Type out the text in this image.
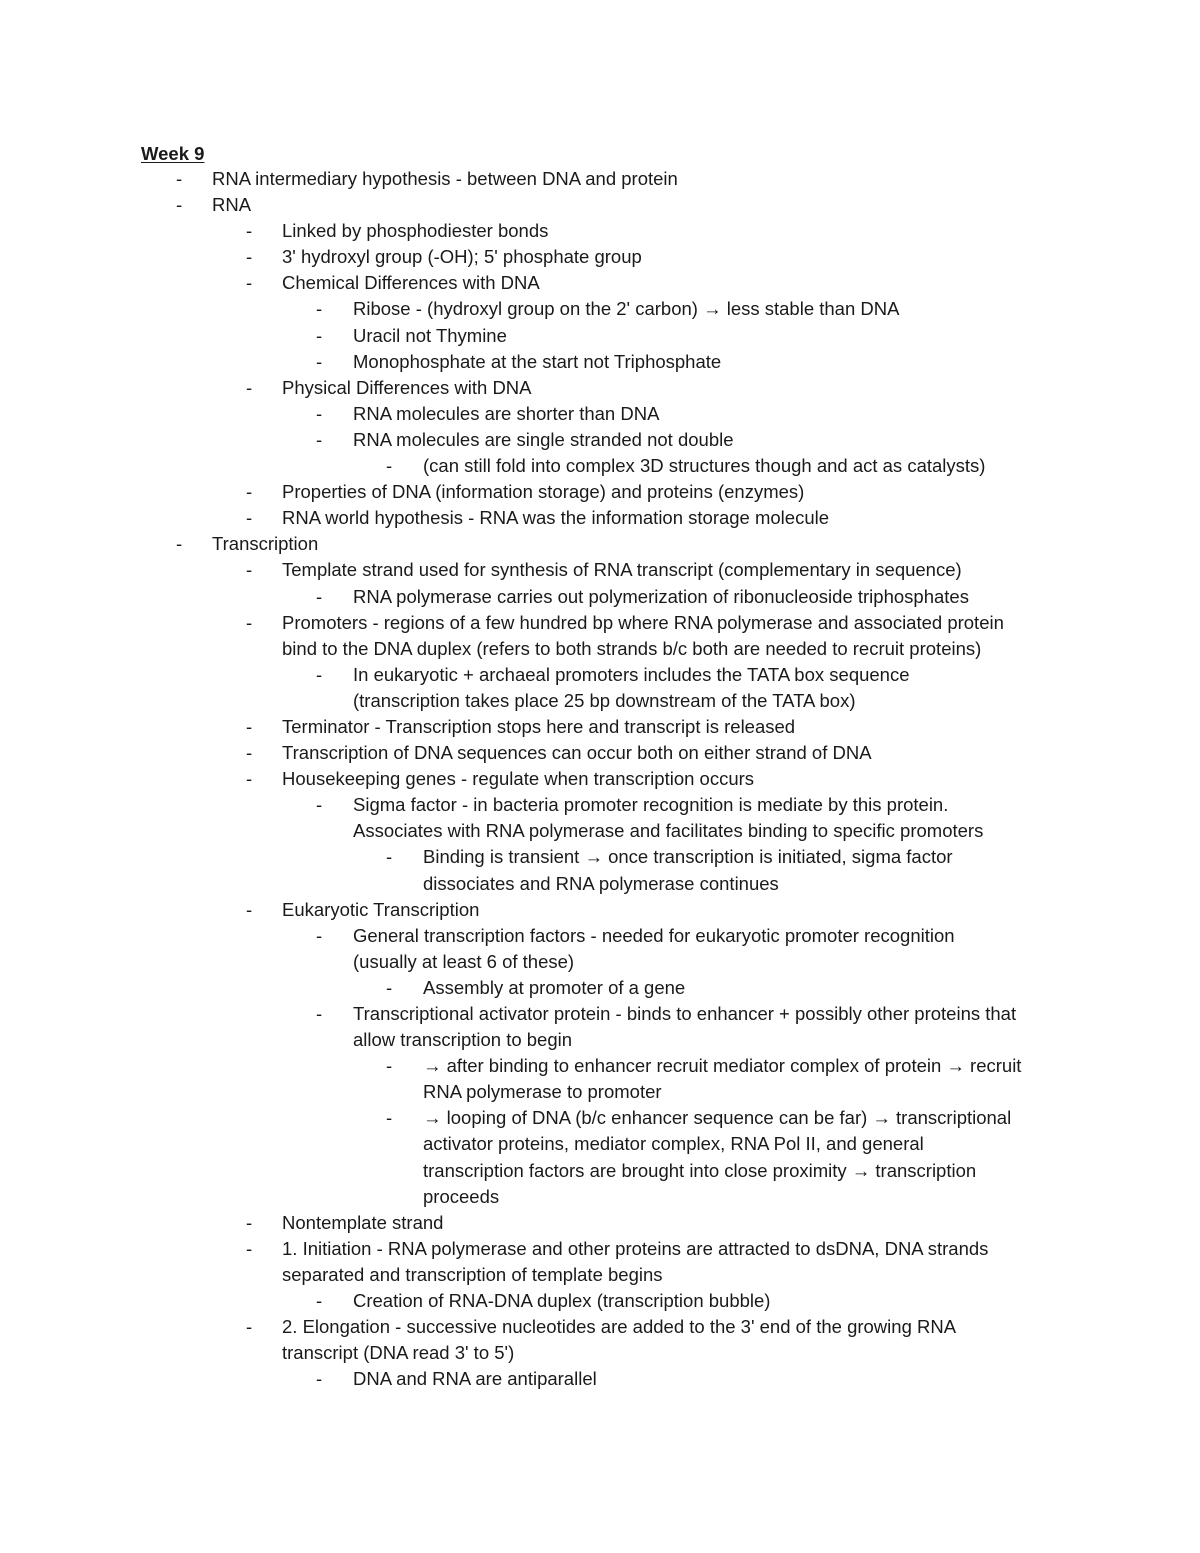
Week 9
- RNA intermediary hypothesis - between DNA and protein
- RNA
- Linked by phosphodiester bonds
- 3' hydroxyl group (-OH); 5' phosphate group
- Chemical Differences with DNA
- Ribose - (hydroxyl group on the 2' carbon) → less stable than DNA
- Uracil not Thymine
- Monophosphate at the start not Triphosphate
- Physical Differences with DNA
- RNA molecules are shorter than DNA
- RNA molecules are single stranded not double
- (can still fold into complex 3D structures though and act as catalysts)
- Properties of DNA (information storage) and proteins (enzymes)
- RNA world hypothesis - RNA was the information storage molecule
- Transcription
- Template strand used for synthesis of RNA transcript (complementary in sequence)
- RNA polymerase carries out polymerization of ribonucleoside triphosphates
- Promoters - regions of a few hundred bp where RNA polymerase and associated protein
bind to the DNA duplex (refers to both strands b/c both are needed to recruit proteins)
- In eukaryotic + archaeal promoters includes the TATA box sequence
(transcription takes place 25 bp downstream of the TATA box)
- Terminator - Transcription stops here and transcript is released
- Transcription of DNA sequences can occur both on either strand of DNA
- Housekeeping genes - regulate when transcription occurs
- Sigma factor - in bacteria promoter recognition is mediate by this protein.
Associates with RNA polymerase and facilitates binding to specific promoters
- Binding is transient → once transcription is initiated, sigma factor
dissociates and RNA polymerase continues
- Eukaryotic Transcription
- General transcription factors - needed for eukaryotic promoter recognition
(usually at least 6 of these)
- Assembly at promoter of a gene
- Transcriptional activator protein - binds to enhancer + possibly other proteins that
allow transcription to begin
- → after binding to enhancer recruit mediator complex of protein → recruit
RNA polymerase to promoter
- → looping of DNA (b/c enhancer sequence can be far) → transcriptional
activator proteins, mediator complex, RNA Pol II, and general
transcription factors are brought into close proximity → transcription
proceeds
- Nontemplate strand
- 1. Initiation - RNA polymerase and other proteins are attracted to dsDNA, DNA strands
separated and transcription of template begins
- Creation of RNA-DNA duplex (transcription bubble)
- 2. Elongation - successive nucleotides are added to the 3' end of the growing RNA
transcript (DNA read 3' to 5')
- DNA and RNA are antiparallel
